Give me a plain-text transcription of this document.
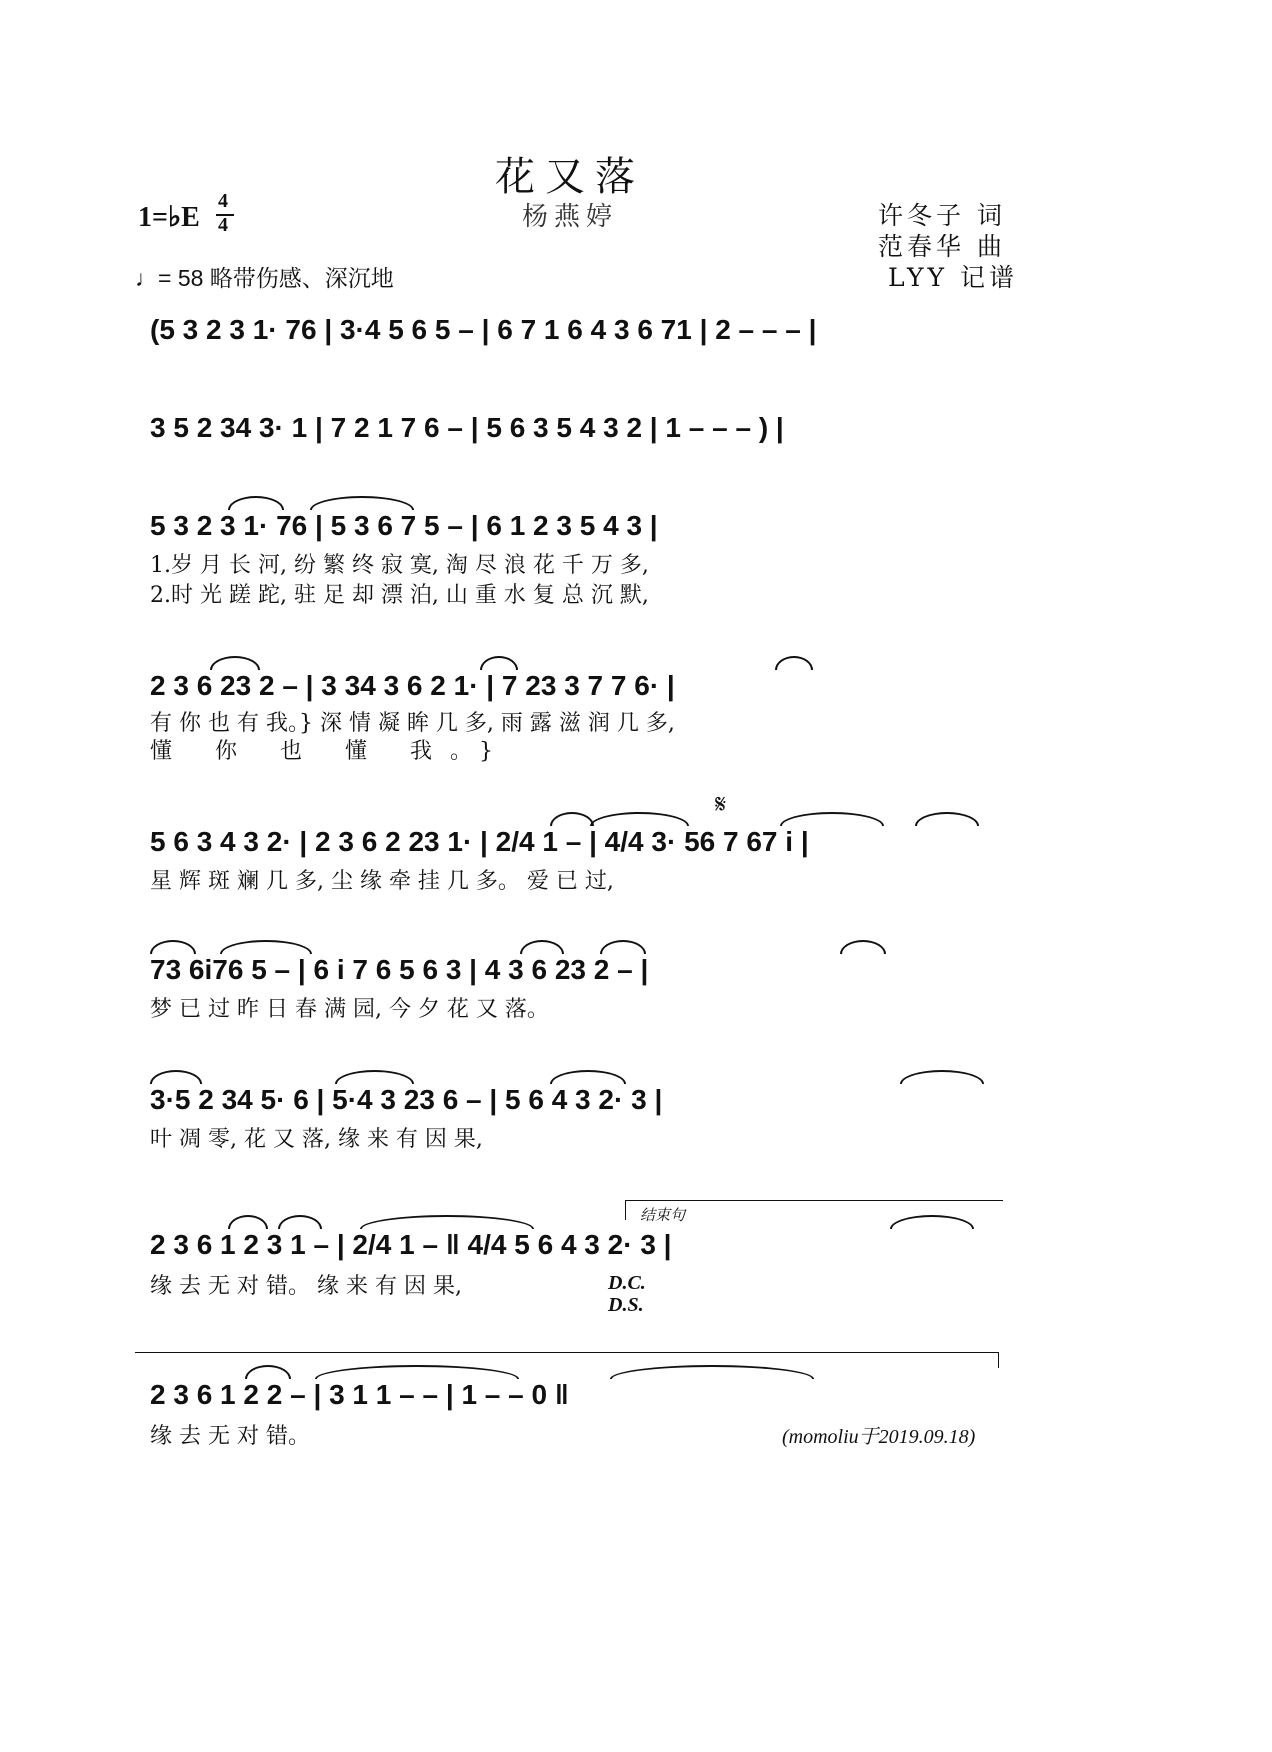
花又落
杨燕婷
1=♭E
4
4
♩= 58 略带伤感、深沉地
许冬子 词
范春华 曲
LYY 记谱
(5 3 2 3 1· 76 | 3·4 5 6 5 – | 6 7 1 6 4 3 6 71 | 2 – – – |
3 5 2 34 3· 1 | 7 2 1 7 6 – | 5 6 3 5 4 3 2 | 1 – – – ) |
5 3 2 3 1· 76 | 5 3 6 7 5 – | 6 1 2 3 5 4 3 |
1.岁 月 长 河, 纷 繁 终 寂 寞, 淘 尽 浪 花 千 万 多,
2.时 光 蹉 跎, 驻 足 却 漂 泊, 山 重 水 复 总 沉 默,
2 3 6 23 2 – | 3 34 3 6 2 1· | 7 23 3 7 7 6· |
有 你 也 有 我。} 深 情 凝 眸 几 多, 雨 露 滋 润 几 多,
懂 你 也 懂 我。}
𝄋
5 6 3 4 3 2· | 2 3 6 2 23 1· | 2/4 1 – | 4/4 3· 56 7 67 i |
星 辉 斑 斓 几 多, 尘 缘 牵 挂 几 多。 爱 已 过,
73 6i76 5 – | 6 i 7 6 5 6 3 | 4 3 6 23 2 – |
梦 已 过 昨 日 春 满 园, 今 夕 花 又 落。
3·5 2 34 5· 6 | 5·4 3 23 6 – | 5 6 4 3 2· 3 |
叶 凋 零, 花 又 落, 缘 来 有 因 果,
结束句
2 3 6 1 2 3 1 – | 2/4 1 – ‖ 4/4 5 6 4 3 2· 3 |
缘 去 无 对 错。 缘 来 有 因 果,	D.C.
D.S.
2 3 6 1 2 2 – | 3 1 1 – – | 1 – – 0 ‖
缘 去 无 对 错。	(momoliu于2019.09.18)
